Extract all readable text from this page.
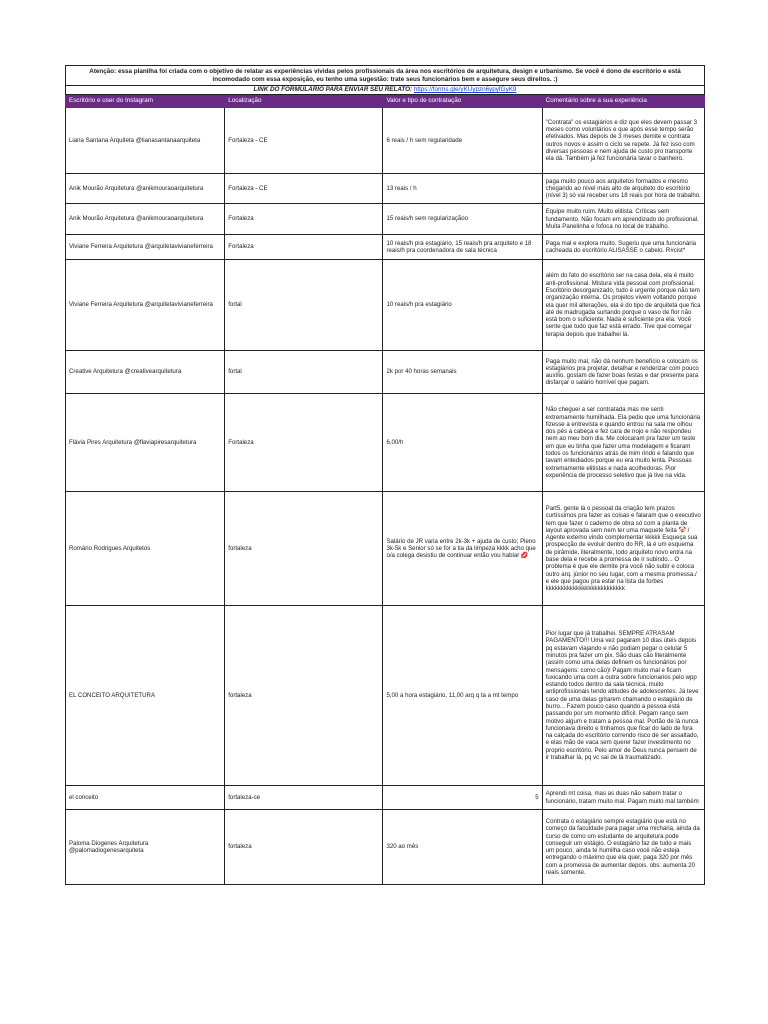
Atenção: essa planilha foi criada com o objetivo de relatar as experiências vividas pelos profissionais da área nos escritórios de arquitetura, design e urbanismo. Se você é dono de escritório e está incomodado com essa exposição, eu tenho uma sugestão: trate seus funcionários bem e assegure seus direitos. :)			
LINK DO FORMULÁRIO PARA ENVIAR SEU RELATO: https://forms.gle/yKUypzn6ypyfGyK9			
Escritório e user do Instagram	Localização	Valor e tipo de contratação	Comentário sobre a sua experiência
Liana Santana Arquiteta @lianasantanaarquiteta	Fortaleza - CE	6 reais / h sem regularidade	"Contrata" os estagiários e diz que eles devem passar 3 meses como voluntários e que após esse tempo serão efetivados. Mas depois de 3 meses demite e contrata outros novos e assim o ciclo se repete. Já fez isso com diversas pessoas e nem ajuda de custo pro transporte ela dá. Também já fez funcionária lavar o banheiro.
Anik Mourão Arquitetura @anikmouraoarquitetura	Fortaleza - CE	13 reais / h	paga muito pouco aos arquitetos formados e mesmo chegando ao nível mais alto de arquiteto do escritório (nível 3) só vai receber uns 18 reais por hora de trabalho.
Anik Mourão Arquitetura @anikmouraoarquitetura	Fortaleza	15 reais/h sem regularizaçãoo	Equipe muito ruim. Muito elitista. Críticas sem fundamento. Não focam em aprendizado do profissional. Muita Panelinha e fofoca no local de trabalho.
Viviane Ferreira Arquitetura @arquitetavivianeferreira	Fortaleza	10 reais/h pra estagiário, 15 reais/h pra arquiteto e 18 reais/h pra coordenadora de sala técnica	Paga mal e explora muito. Sugeriu que uma funcionária cacheada do escritório ALISASSE o cabelo. R#cist*
Viviane Ferreira Arquitetura @arquitetavivianeferreira	fortal	10 reais/h pra estagiário	além do fato do escritório ser na casa dela, ela é muito anti-profissional. Mistura vida pessoal com profissional. Escritório desorganizado, tudo é urgente porque não tem organização interna. Os projetos vivem voltando porque ela quer mil alterações, ela é do tipo de arquiteta que fica até de madrugada surtando porque o vaso de flor não está bom o suficiente. Nada é suficiente pra ela. Você sente que tudo que faz está errado. Tive que começar terapia depois que trabalhei lá.
Creative Arquitetura @creativearquitetura	fortal	2k por 40 horas semanais	Paga muito mal, não dá nenhum benefício e colocam os estagiários pra projetar, detalhar e renderizar com pouco auxílio. gostam de fazer boas festas e dar presente para disfarçar o salário horrível que pagam.
Flávia Pires Arquitetura @flaviapiresarquitetura	Fortaleza	6,00/h	Não cheguei a ser contratada mas me senti extremamente humilhada. Ela pediu que uma funcionária fizesse a entrevista e quando entrou na sala me olhou dos pés a cabeça e fez cara de nojo e não respondeu nem ao meu bom dia. Me colocaram pra fazer um teste em que eu tinha que fazer uma modelagem e ficaram todos os funcionários atrás de mim rindo e falando que tavam entediados porque eu era muito lenta. Pessoas extremamente elitistas e nada acolhedoras. Pior experiência de processo seletivo que já tive na vida.
Romário Rodrigues Arquitetos	fortaleza	Salário de JR varia entre 2k-3k + ajuda de custo; Pleno 3k-5k e Senior só se for a tia da limpeza kkkk acho que o/a colega desistiu de continuar então vou hablar 💋	Part5. gente lá o pessoal da criação tem prazos curtíssimos pra fazer as coisas e falaram que o executivo tem que fazer o caderno de obra só com a planta de layout aprovada sem nem ter uma maquete feita 🤡 / Agente externo vindo complementar kkkkk Esqueça sua prospecção de evoluir dentro do RR, lá é um esquema de pirâmide, literalmente, todo arquiteto novo entra na base dela e recebe a promessa de ir subindo... O problema é que ele demite pra você não subir e coloca outro arq. júnior no seu lugar, com a mesma promessa./ e ele que pagou pra estar na lista da forbes kkkkkkkkkkkkkkkkkkkkkkkkkk
EL CONCEITO ARQUITETURA	fortaleza	5,00 a hora estagiário, 11,00 arq q ta a mt tempo	Pior lugar que já trabalhei. SEMPRE ATRASAM PAGAMENTO!!! Uma vez pagaram 10 dias úteis depois pq estavam viajando e não podiam pegar o celular 5 minutos pra fazer um pix. São duas cão literalmente (assim como uma delas definem os funcionários por mensagens: como cão)! Pagam muito mal e ficam fuxicando uma com a outra sobre funcionarios pelo wpp estando todos dentro da sala técnica, muito antiprofissionais tendo atitudes de adolescentes. Já teve caso de uma delas gritarem chamando o estagiário de burro... Fazem pouco caso quando a pessoa está passando por um momento difícil. Pegam ranço sem motivo algum e tratam a pessoa mal. Portão de lá nunca funcionava direito e tínhamos que ficar do lado de fora na calçada do escritório correndo risco de ser assaltado, e elas mão de vaca sem querer fazer investimento no proprio escritório. Pelo amor de Deus nunca pensem de ir trabalhar lá, pq vc sai de lá traumatizado.
el conceito	fortaleza-ce	5	Aprendi mt coisa, mas as duas não sabem tratar o funcionário, tratam muito mal. Pagam muito mal também
Paloma Diogenes Arquitetura @palomadiogenesarquiteta	fortaleza	320 ao mês	Contrata o estagiário sempre estagiário que está no começo da faculdade para pagar uma micharia, ainda da curso de como um estudante de arquitetura pode conseguir um estágio. O estagiário faz de tudo e mais um pouco, ainda te humilha caso você não esteja entregando o máximo que ela quer, paga 320 por mês com a promessa de aumentar depois. obs: aumenta 20 reais somente.
